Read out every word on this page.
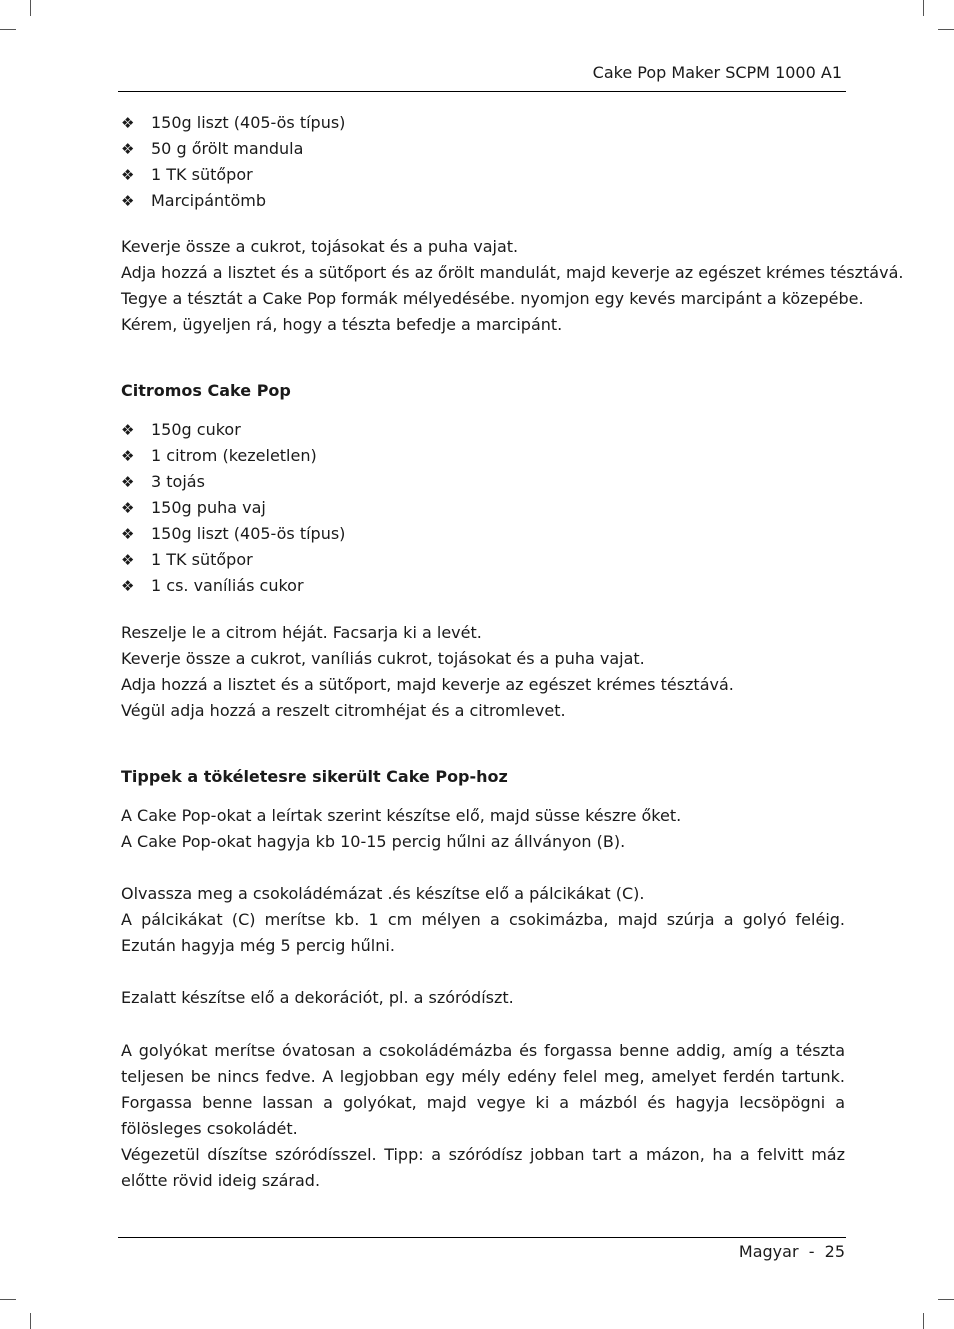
Cake Pop Maker SCPM 1000 A1
❖ 150g liszt (405-ös típus)
❖ 50 g őrölt mandula
❖ 1 TK sütőpor
❖ Marcipántömb

Keverje össze a cukrot, tojásokat és a puha vajat.

Adja hozzá a lisztet és a sütőport és az őrölt mandulát, majd keverje az egészet krémes tésztává.

Tegye a tésztát a Cake Pop formák mélyedésébe. nyomjon egy kevés marcipánt a közepébe.

Kérem, ügyeljen rá, hogy a tészta befedje a marcipánt.

Citromos Cake Pop
❖ 150g cukor
❖ 1 citrom (kezeletlen)
❖ 3 tojás
❖ 150g puha vaj
❖ 150g liszt (405-ös típus)
❖ 1 TK sütőpor
❖ 1 cs. vaníliás cukor

Reszelje le a citrom héját. Facsarja ki a levét.

Keverje össze a cukrot, vaníliás cukrot, tojásokat és a puha vajat.

Adja hozzá a lisztet és a sütőport, majd keverje az egészet krémes tésztává.

Végül adja hozzá a reszelt citromhéjat és a citromlevet.

Tippek a tökéletesre sikerült Cake Pop-hoz

A Cake Pop-okat a leírtak szerint készítse elő, majd süsse készre őket.

A Cake Pop-okat hagyja kb 10-15 percig hűlni az állványon (B).

Olvassza meg a csokoládémázat .és készítse elő a pálcikákat (C).

A pálcikákat (C) merítse kb. 1 cm mélyen a csokimázba, majd szúrja a golyó feléig. Ezután hagyja még 5 percig hűlni.

Ezalatt készítse elő a dekorációt, pl. a szóródíszt.

A golyókat merítse óvatosan a csokoládémázba és forgassa benne addig, amíg a tészta teljesen be nincs fedve. A legjobban egy mély edény felel meg, amelyet ferdén tartunk. Forgassa benne lassan a golyókat, majd vegye ki a mázból és hagyja lecsöpögni a fölösleges csokoládét.

Végezetül díszítse szóródísszel. Tipp: a szóródísz jobban tart a mázon, ha a felvitt máz előtte rövid ideig szárad.

Magyar  -  25
